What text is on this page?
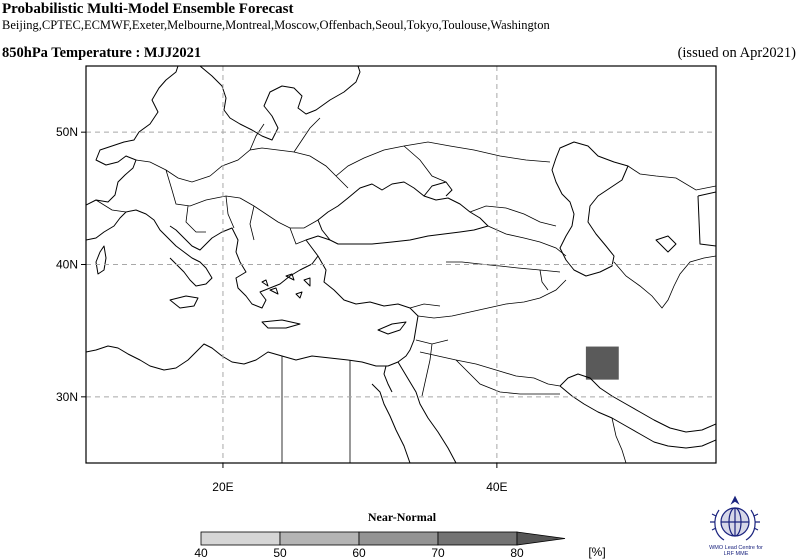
Probabilistic Multi-Model Ensemble Forecast
Beijing,CPTEC,ECMWF,Exeter,Melbourne,Montreal,Moscow,Offenbach,Seoul,Tokyo,Toulouse,Washington
850hPa Temperature : MJJ2021	(issued on Apr2021)
50N
40N
30N
20E	40E
Near-Normal
40	50	60	70	80	[%]	WMO Lead Centre for
LRF MME
